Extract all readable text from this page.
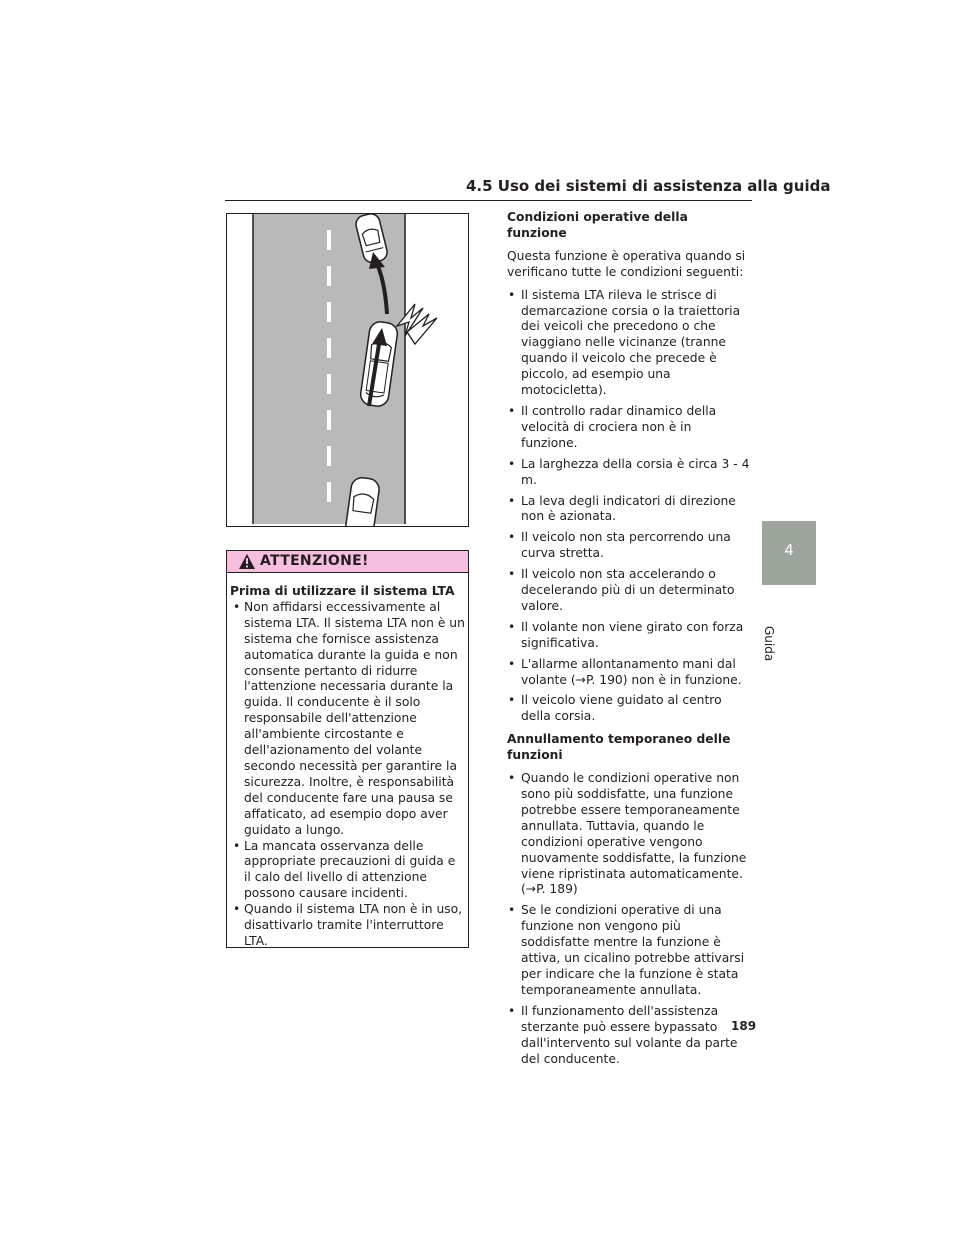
4.5 Uso dei sistemi di assistenza alla guida
ATTENZIONE!
Prima di utilizzare il sistema LTA
• Non affidarsi eccessivamente al sistema LTA. Il sistema LTA non è un sistema che fornisce assistenza automatica durante la guida e non consente pertanto di ridurre l'attenzione necessaria durante la guida. Il conducente è il solo responsabile dell'attenzione all'ambiente circostante e dell'azionamento del volante secondo necessità per garantire la sicurezza. Inoltre, è responsabilità del conducente fare una pausa se affaticato, ad esempio dopo aver guidato a lungo.
• La mancata osservanza delle appropriate precauzioni di guida e il calo del livello di attenzione possono causare incidenti.
• Quando il sistema LTA non è in uso, disattivarlo tramite l'interruttore LTA.
Condizioni operative della funzione

Questa funzione è operativa quando si verificano tutte le condizioni seguenti:

• Il sistema LTA rileva le strisce di demarcazione corsia o la traiettoria dei veicoli che precedono o che viaggiano nelle vicinanze (tranne quando il veicolo che precede è piccolo, ad esempio una motocicletta).
• Il controllo radar dinamico della velocità di crociera non è in funzione.
• La larghezza della corsia è circa 3 - 4 m.
• La leva degli indicatori di direzione non è azionata.
• Il veicolo non sta percorrendo una curva stretta.
• Il veicolo non sta accelerando o decelerando più di un determinato valore.
• Il volante non viene girato con forza significativa.
• L'allarme allontanamento mani dal volante (→P. 190) non è in funzione.
• Il veicolo viene guidato al centro della corsia.
Annullamento temporaneo delle funzioni
• Quando le condizioni operative non sono più soddisfatte, una funzione potrebbe essere temporaneamente annullata. Tuttavia, quando le condizioni operative vengono nuovamente soddisfatte, la funzione viene ripristinata automaticamente. (→P. 189)
• Se le condizioni operative di una funzione non vengono più soddisfatte mentre la funzione è attiva, un cicalino potrebbe attivarsi per indicare che la funzione è stata temporaneamente annullata.
• Il funzionamento dell'assistenza sterzante può essere bypassato dall'intervento sul volante da parte del conducente.
189
4
Guida
